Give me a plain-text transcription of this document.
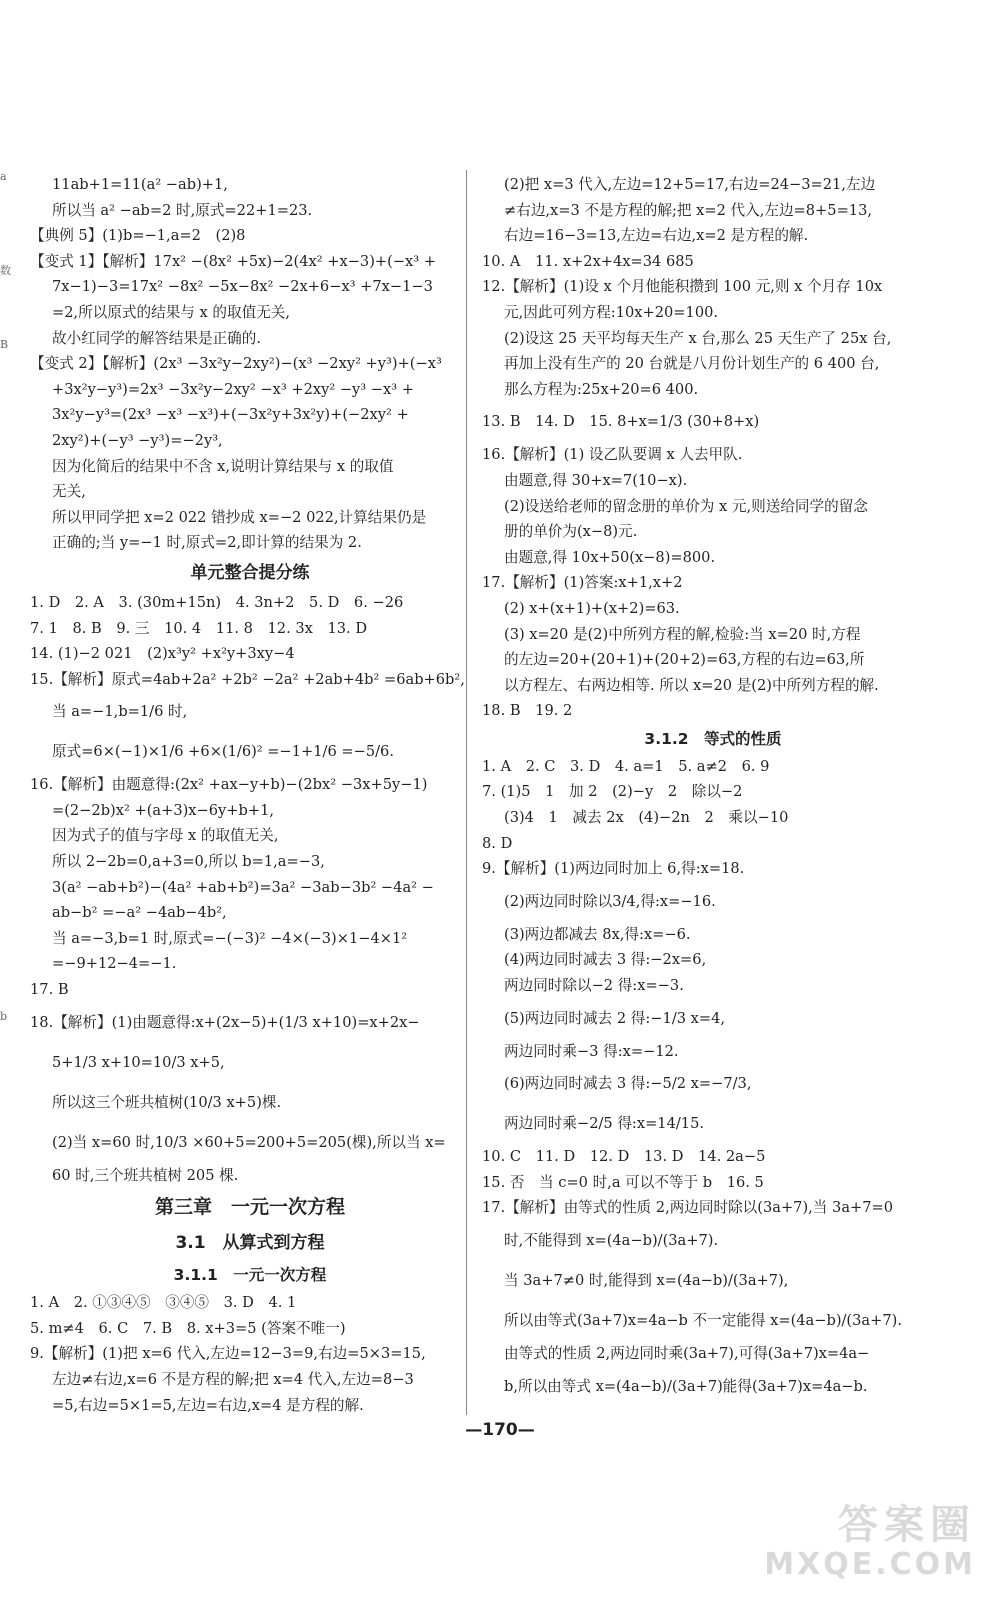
a
数
B
b
11ab+1=11(a² −ab)+1,
所以当 a² −ab=2 时,原式=22+1=23.
【典例 5】(1)b=−1,a=2　(2)8
【变式 1】【解析】17x² −(8x² +5x)−2(4x² +x−3)+(−x³ +
7x−1)−3=17x² −8x² −5x−8x² −2x+6−x³ +7x−1−3
=2,所以原式的结果与 x 的取值无关,
故小红同学的解答结果是正确的.
【变式 2】【解析】(2x³ −3x²y−2xy²)−(x³ −2xy² +y³)+(−x³
+3x²y−y³)=2x³ −3x²y−2xy² −x³ +2xy² −y³ −x³ +
3x²y−y³=(2x³ −x³ −x³)+(−3x²y+3x²y)+(−2xy² +
2xy²)+(−y³ −y³)=−2y³,
因为化简后的结果中不含 x,说明计算结果与 x 的取值
无关,
所以甲同学把 x=2 022 错抄成 x=−2 022,计算结果仍是
正确的;当 y=−1 时,原式=2,即计算的结果为 2.
单元整合提分练
1. D　2. A　3. (30m+15n)　4. 3n+2　5. D　6. −26
7. 1　8. B　9. 三　10. 4　11. 8　12. 3x　13. D
14. (1)−2 021　(2)x³y² +x²y+3xy−4
15.【解析】原式=4ab+2a² +2b² −2a² +2ab+4b² =6ab+6b²,
当 a=−1,b=1/6 时,
原式=6×(−1)×1/6 +6×(1/6)² =−1+1/6 =−5/6.
16.【解析】由题意得:(2x² +ax−y+b)−(2bx² −3x+5y−1)
=(2−2b)x² +(a+3)x−6y+b+1,
因为式子的值与字母 x 的取值无关,
所以 2−2b=0,a+3=0,所以 b=1,a=−3,
3(a² −ab+b²)−(4a² +ab+b²)=3a² −3ab−3b² −4a² −
ab−b² =−a² −4ab−4b²,
当 a=−3,b=1 时,原式=−(−3)² −4×(−3)×1−4×1²
=−9+12−4=−1.
17. B
18.【解析】(1)由题意得:x+(2x−5)+(1/3 x+10)=x+2x−
5+1/3 x+10=10/3 x+5,
所以这三个班共植树(10/3 x+5)棵.
(2)当 x=60 时,10/3 ×60+5=200+5=205(棵),所以当 x=
60 时,三个班共植树 205 棵.
第三章　一元一次方程
3.1　从算式到方程
3.1.1　一元一次方程
1. A　2. ①③④⑤　③④⑤　3. D　4. 1
5. m≠4　6. C　7. B　8. x+3=5 (答案不唯一)
9.【解析】(1)把 x=6 代入,左边=12−3=9,右边=5×3=15,
左边≠右边,x=6 不是方程的解;把 x=4 代入,左边=8−3
=5,右边=5×1=5,左边=右边,x=4 是方程的解.
(2)把 x=3 代入,左边=12+5=17,右边=24−3=21,左边
≠右边,x=3 不是方程的解;把 x=2 代入,左边=8+5=13,
右边=16−3=13,左边=右边,x=2 是方程的解.
10. A　11. x+2x+4x=34 685
12.【解析】(1)设 x 个月他能积攒到 100 元,则 x 个月存 10x
元,因此可列方程:10x+20=100.
(2)设这 25 天平均每天生产 x 台,那么 25 天生产了 25x 台,
再加上没有生产的 20 台就是八月份计划生产的 6 400 台,
那么方程为:25x+20=6 400.
13. B　14. D　15. 8+x=1/3 (30+8+x)
16.【解析】(1) 设乙队要调 x 人去甲队.
由题意,得 30+x=7(10−x).
(2)设送给老师的留念册的单价为 x 元,则送给同学的留念
册的单价为(x−8)元.
由题意,得 10x+50(x−8)=800.
17.【解析】(1)答案:x+1,x+2
(2) x+(x+1)+(x+2)=63.
(3) x=20 是(2)中所列方程的解,检验:当 x=20 时,方程
的左边=20+(20+1)+(20+2)=63,方程的右边=63,所
以方程左、右两边相等. 所以 x=20 是(2)中所列方程的解.
18. B　19. 2
3.1.2　等式的性质
1. A　2. C　3. D　4. a=1　5. a≠2　6. 9
7. (1)5　1　加 2　(2)−y　2　除以−2
(3)4　1　减去 2x　(4)−2n　2　乘以−10
8. D
9.【解析】(1)两边同时加上 6,得:x=18.
(2)两边同时除以3/4,得:x=−16.
(3)两边都减去 8x,得:x=−6.
(4)两边同时减去 3 得:−2x=6,
两边同时除以−2 得:x=−3.
(5)两边同时减去 2 得:−1/3 x=4,
两边同时乘−3 得:x=−12.
(6)两边同时减去 3 得:−5/2 x=−7/3,
两边同时乘−2/5 得:x=14/15.
10. C　11. D　12. D　13. D　14. 2a−5
15. 否　当 c=0 时,a 可以不等于 b　16. 5
17.【解析】由等式的性质 2,两边同时除以(3a+7),当 3a+7=0
时,不能得到 x=(4a−b)/(3a+7).
当 3a+7≠0 时,能得到 x=(4a−b)/(3a+7),
所以由等式(3a+7)x=4a−b 不一定能得 x=(4a−b)/(3a+7).
由等式的性质 2,两边同时乘(3a+7),可得(3a+7)x=4a−
b,所以由等式 x=(4a−b)/(3a+7)能得(3a+7)x=4a−b.
—170—
答案圈
MXQE.COM
